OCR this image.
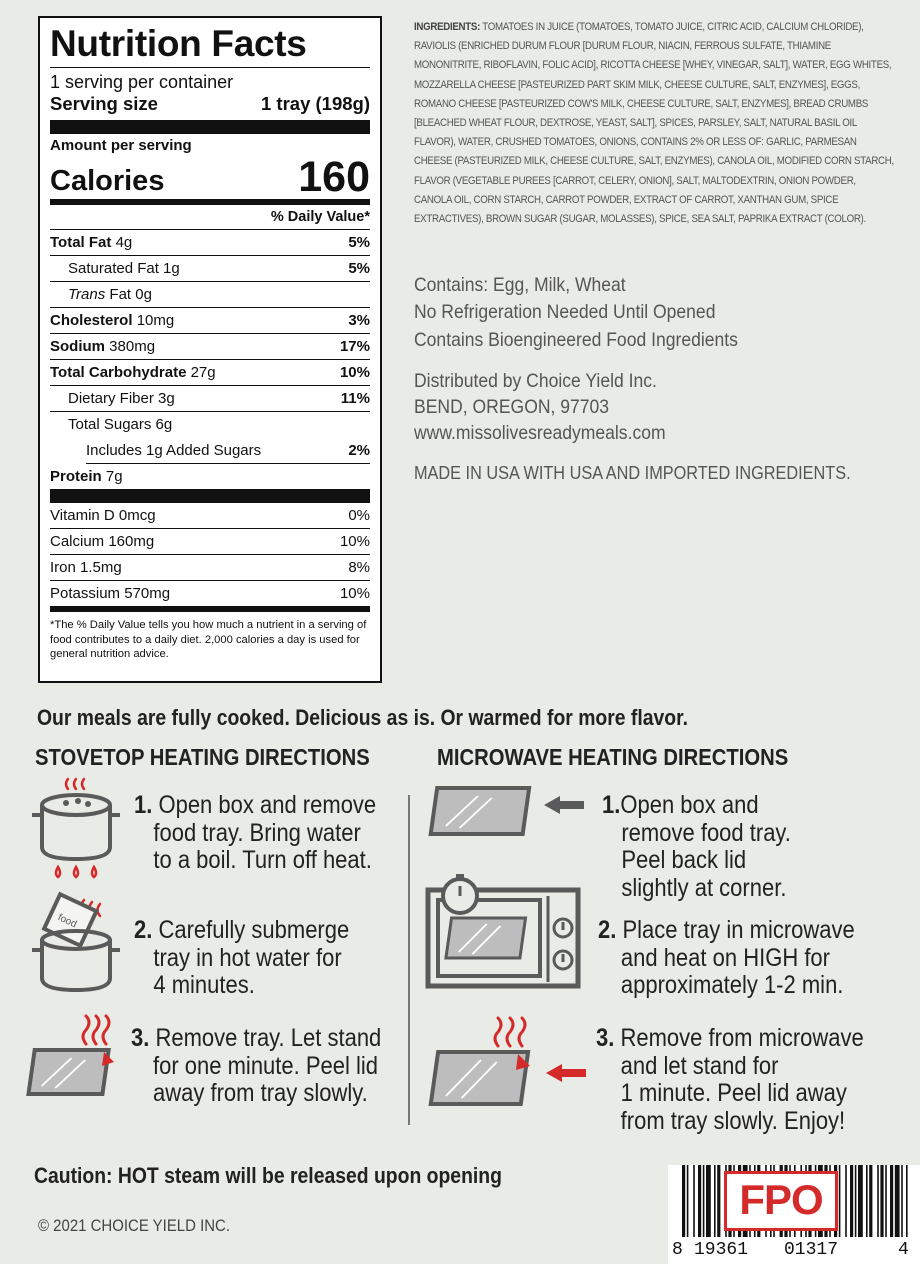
Nutrition Facts
1 serving per container
Serving size	1 tray (198g)
Amount per serving
Calories	160
% Daily Value*
Total Fat 4g	5%
Saturated Fat 1g	5%
Trans Fat 0g
Cholesterol 10mg	3%
Sodium 380mg	17%
Total Carbohydrate 27g	10%
Dietary Fiber 3g	11%
Total Sugars 6g
Includes 1g Added Sugars	2%
Protein 7g
Vitamin D 0mcg	0%
Calcium 160mg	10%
Iron 1.5mg	8%
Potassium 570mg	10%
*The % Daily Value tells you how much a nutrient in a serving of food contributes to a daily diet. 2,000 calories a day is used for general nutrition advice.
INGREDIENTS: TOMATOES IN JUICE (TOMATOES, TOMATO JUICE, CITRIC ACID, CALCIUM CHLORIDE), RAVIOLIS (ENRICHED DURUM FLOUR [DURUM FLOUR, NIACIN, FERROUS SULFATE, THIAMINE MONONITRITE, RIBOFLAVIN, FOLIC ACID], RICOTTA CHEESE [WHEY, VINEGAR, SALT], WATER, EGG WHITES, MOZZARELLA CHEESE [PASTEURIZED PART SKIM MILK, CHEESE CULTURE, SALT, ENZYMES], EGGS, ROMANO CHEESE [PASTEURIZED COW'S MILK, CHEESE CULTURE, SALT, ENZYMES], BREAD CRUMBS [BLEACHED WHEAT FLOUR, DEXTROSE, YEAST, SALT], SPICES, PARSLEY, SALT, NATURAL BASIL OIL FLAVOR), WATER, CRUSHED TOMATOES, ONIONS, CONTAINS 2% OR LESS OF: GARLIC, PARMESAN CHEESE (PASTEURIZED MILK, CHEESE CULTURE, SALT, ENZYMES), CANOLA OIL, MODIFIED CORN STARCH, FLAVOR (VEGETABLE PUREES [CARROT, CELERY, ONION], SALT, MALTODEXTRIN, ONION POWDER, CANOLA OIL, CORN STARCH, CARROT POWDER, EXTRACT OF CARROT, XANTHAN GUM, SPICE EXTRACTIVES), BROWN SUGAR (SUGAR, MOLASSES), SPICE, SEA SALT, PAPRIKA EXTRACT (COLOR).
Contains: Egg, Milk, Wheat
No Refrigeration Needed Until Opened
Contains Bioengineered Food Ingredients
Distributed by Choice Yield Inc.
BEND, OREGON, 97703
www.missolivesreadymeals.com
MADE IN USA WITH USA AND IMPORTED INGREDIENTS.
Our meals are fully cooked. Delicious as is. Or warmed for more flavor.
STOVETOP HEATING DIRECTIONS	MICROWAVE HEATING DIRECTIONS
food
1. Open box and remove
food tray. Bring water
to a boil. Turn off heat.
2. Carefully submerge
tray in hot water for
4 minutes.
3. Remove tray. Let stand
for one minute. Peel lid
away from tray slowly.
1.Open box and
remove food tray.
Peel back lid
slightly at corner.
2. Place tray in microwave
and heat on HIGH for
approximately 1-2 min.
3. Remove from microwave
and let stand for
1 minute. Peel lid away
from tray slowly. Enjoy!
Caution: HOT steam will be released upon opening
© 2021 CHOICE YIELD INC.
FPO
8 19361 01317	4
